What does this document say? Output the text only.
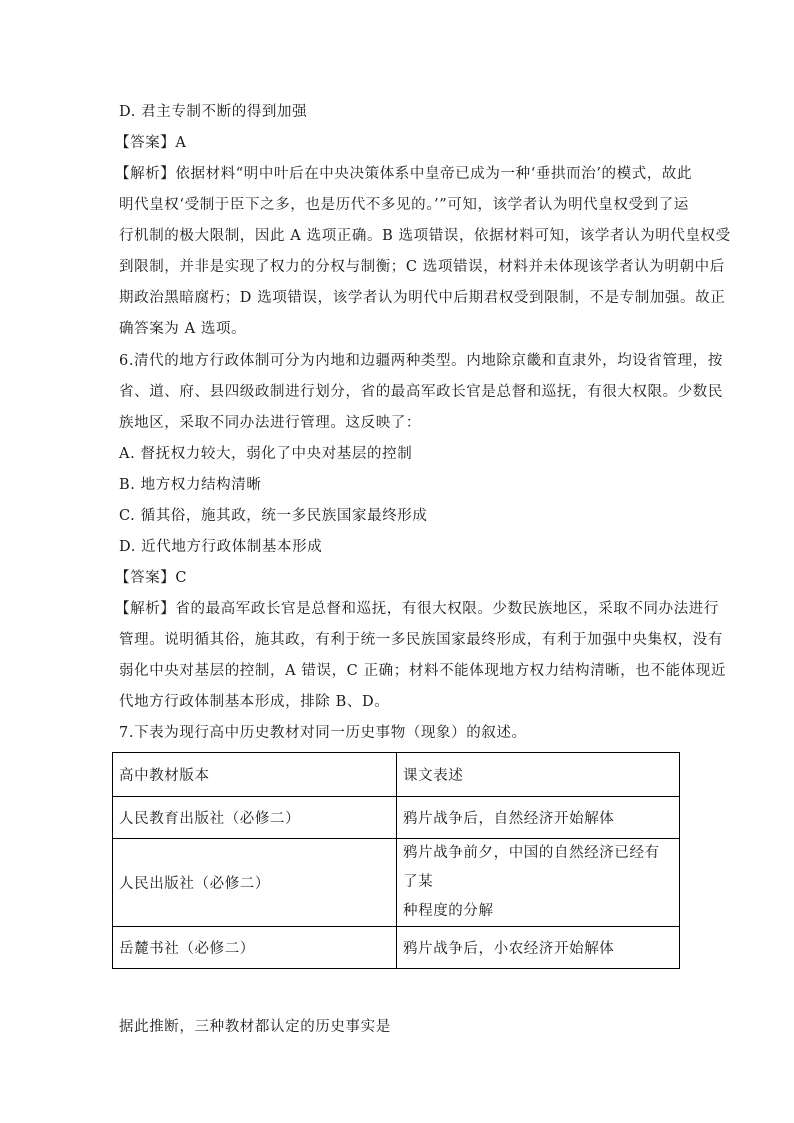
D. 君主专制不断的得到加强
【答案】A
【解析】依据材料“明中叶后在中央决策体系中皇帝已成为一种‘垂拱而治’的模式，故此
明代皇权‘受制于臣下之多，也是历代不多见的。’”可知，该学者认为明代皇权受到了运
行机制的极大限制，因此 A 选项正确。B 选项错误，依据材料可知，该学者认为明代皇权受
到限制，并非是实现了权力的分权与制衡；C 选项错误，材料并未体现该学者认为明朝中后
期政治黑暗腐朽；D 选项错误，该学者认为明代中后期君权受到限制，不是专制加强。故正
确答案为 A 选项。
6.清代的地方行政体制可分为内地和边疆两种类型。内地除京畿和直隶外，均设省管理，按
省、道、府、县四级政制进行划分，省的最高军政长官是总督和巡抚，有很大权限。少数民
族地区，采取不同办法进行管理。这反映了：
A. 督抚权力较大，弱化了中央对基层的控制
B. 地方权力结构清晰
C. 循其俗，施其政，统一多民族国家最终形成
D. 近代地方行政体制基本形成
【答案】C
【解析】省的最高军政长官是总督和巡抚，有很大权限。少数民族地区，采取不同办法进行
管理。说明循其俗，施其政，有利于统一多民族国家最终形成，有利于加强中央集权，没有
弱化中央对基层的控制，A 错误，C 正确；材料不能体现地方权力结构清晰，也不能体现近
代地方行政体制基本形成，排除 B、D。
7.下表为现行高中历史教材对同一历史事物（现象）的叙述。
高中教材版本	课文表述
人民教育出版社（必修二）	鸦片战争后，自然经济开始解体
人民出版社（必修二）	鸦片战争前夕，中国的自然经济已经有了某
种程度的分解

岳麓书社（必修二）	鸦片战争后，小农经济开始解体
据此推断，三种教材都认定的历史事实是
